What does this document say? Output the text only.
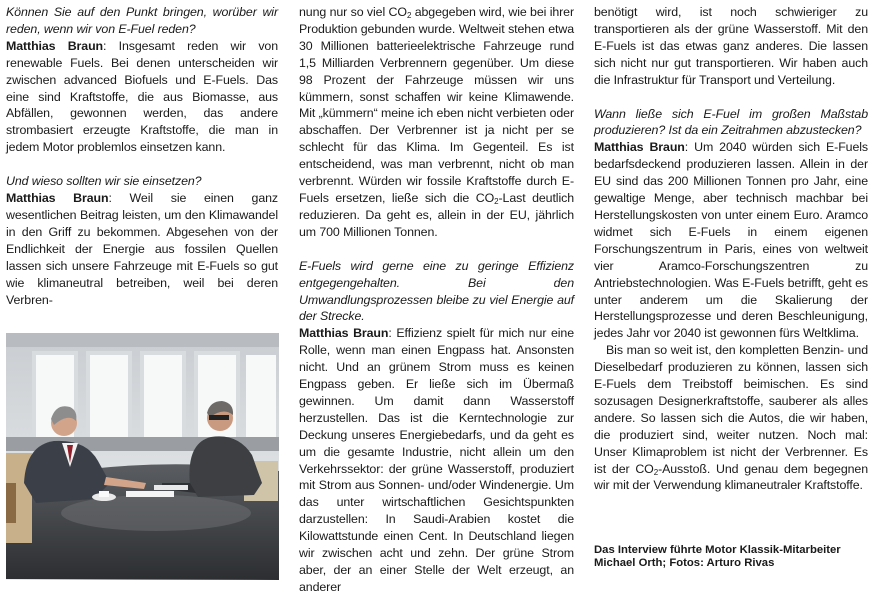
Können Sie auf den Punkt bringen, worüber wir reden, wenn wir von E-Fuel reden?

Matthias Braun: Insgesamt reden wir von renewable Fuels. Bei denen unterscheiden wir zwischen advanced Biofuels und E-Fuels. Das eine sind Kraftstoffe, die aus Biomasse, aus Abfällen, gewonnen werden, das andere strombasiert erzeugte Kraftstoffe, die man in jedem Motor problemlos einsetzen kann.

Und wieso sollten wir sie einsetzen?

Matthias Braun: Weil sie einen ganz wesentlichen Beitrag leisten, um den Klimawandel in den Griff zu bekommen. Abgesehen von der Endlichkeit der Energie aus fossilen Quellen lassen sich unsere Fahrzeuge mit E-Fuels so gut wie klimaneutral betreiben, weil bei deren Verbren-

nung nur so viel $CO_2$ abgegeben wird, wie bei ihrer Produktion gebunden wurde. Weltweit stehen etwa 30 Millionen batterieelektrische Fahrzeuge rund 1,5 Milliarden Verbrennern gegenüber. Um diese 98 Prozent der Fahrzeuge müssen wir uns kümmern, sonst schaffen wir keine Klimawende. Mit „kümmern“ meine ich eben nicht verbieten oder abschaffen. Der Verbrenner ist ja nicht per se schlecht für das Klima. Im Gegenteil. Es ist entscheidend, was man verbrennt, nicht ob man verbrennt. Würden wir fossile Kraftstoffe durch E-Fuels ersetzen, ließe sich die $CO_2$-Last deutlich reduzieren. Da geht es, allein in der EU, jährlich um 700 Millionen Tonnen.

E-Fuels wird gerne eine zu geringe Effizienz entgegengehalten. Bei den Umwandlungsprozessen bleibe zu viel Energie auf der Strecke.

Matthias Braun: Effizienz spielt für mich nur eine Rolle, wenn man einen Engpass hat. Ansonsten nicht. Und an grünem Strom muss es keinen Engpass geben. Er ließe sich im Übermaß gewinnen. Um damit dann Wasserstoff herzustellen. Das ist die Kerntechnologie zur Deckung unseres Energiebedarfs, und da geht es um die gesamte Industrie, nicht allein um den Verkehrssektor: der grüne Wasserstoff, produziert mit Strom aus Sonnen- und/oder Windenergie. Um das unter wirtschaftlichen Gesichtspunkten darzustellen: In Saudi-Arabien kostet die Kilowattstunde einen Cent. In Deutschland liegen wir zwischen acht und zehn. Der grüne Strom aber, der an einer Stelle der Welt erzeugt, an anderer

benötigt wird, ist noch schwieriger zu transportieren als der grüne Wasserstoff. Mit den E-Fuels ist das etwas ganz anderes. Die lassen sich nicht nur gut transportieren. Wir haben auch die Infrastruktur für Transport und Verteilung.

Wann ließe sich E-Fuel im großen Maßstab produzieren? Ist da ein Zeitrahmen abzustecken?

Matthias Braun: Um 2040 würden sich E-Fuels bedarfsdeckend produzieren lassen. Allein in der EU sind das 200 Millionen Tonnen pro Jahr, eine gewaltige Menge, aber technisch machbar bei Herstellungskosten von unter einem Euro. Aramco widmet sich E-Fuels in einem eigenen Forschungszentrum in Paris, eines von weltweit vier Aramco-Forschungszentren zu Antriebstechnologien. Was E-Fuels betrifft, geht es unter anderem um die Skalierung der Herstellungsprozesse und deren Beschleunigung, jedes Jahr vor 2040 ist gewonnen fürs Weltklima.

Bis man so weit ist, den kompletten Benzin- und Dieselbedarf produzieren zu können, lassen sich E-Fuels dem Treibstoff beimischen. Es sind sozusagen Designerkraftstoffe, sauberer als alles andere. So lassen sich die Autos, die wir haben, die produziert sind, weiter nutzen. Noch mal: Unser Klimaproblem ist nicht der Verbrenner. Es ist der $CO_2$-Ausstoß. Und genau dem begegnen wir mit der Verwendung klimaneutraler Kraftstoffe.

Das Interview führte Motor Klassik-Mitarbeiter Michael Orth; Fotos: Arturo Rivas
